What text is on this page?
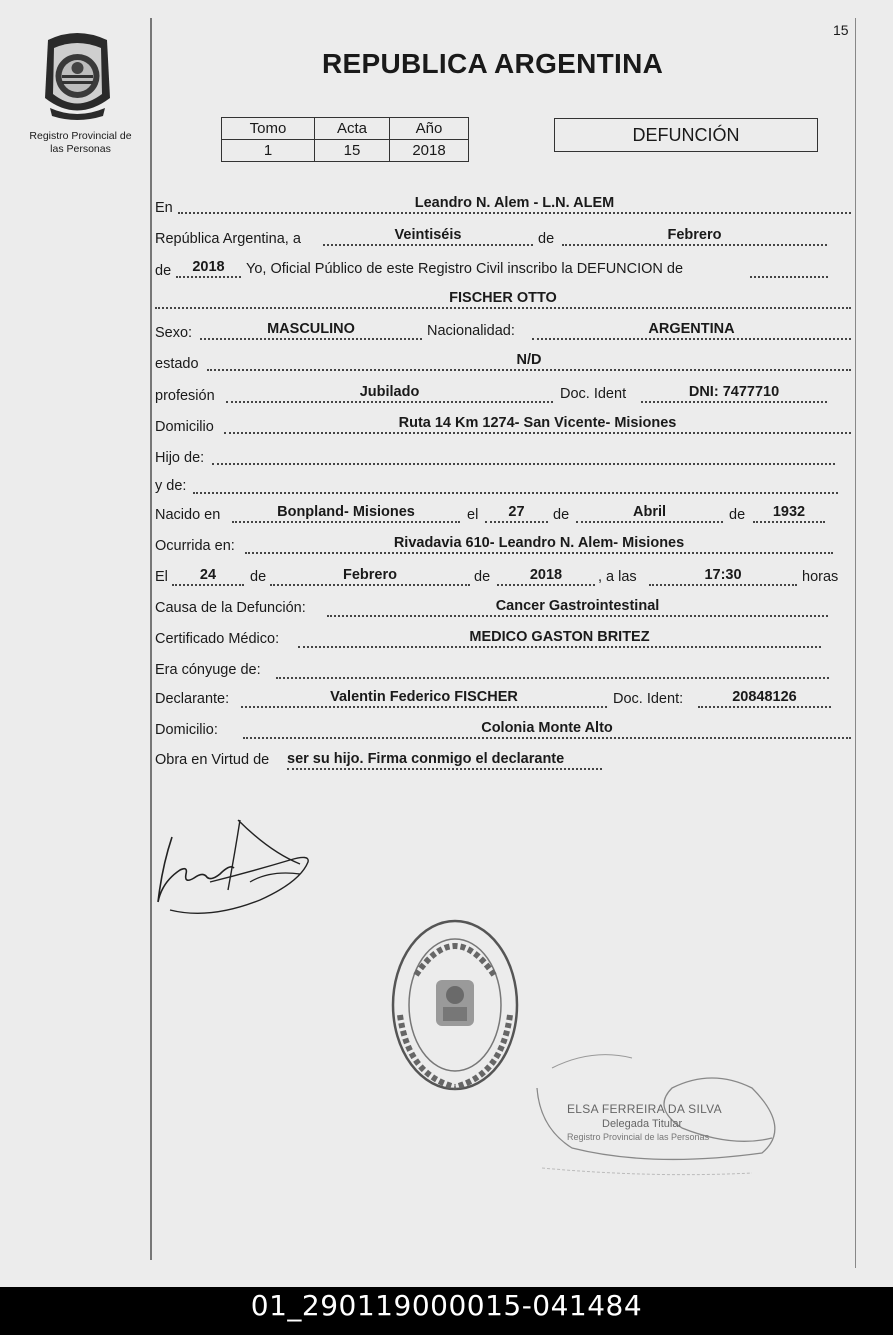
15
Registro Provincial de
las Personas
REPUBLICA ARGENTINA
Tomo	Acta	Año
1	15	2018
DEFUNCIÓN
En	Leandro N. Alem - L.N. ALEM
República Argentina, a	Veintiséis	de	Febrero
de	2018	Yo, Oficial Público de este Registro Civil inscribo la DEFUNCION de
FISCHER OTTO
Sexo:	MASCULINO	Nacionalidad:	ARGENTINA
estado	N/D
profesión	Jubilado	Doc. Ident	DNI: 7477710
Domicilio	Ruta 14 Km 1274- San Vicente- Misiones
Hijo de:
y de:
Nacido en	Bonpland- Misiones	el	27	de	Abril	de	1932
Ocurrida en:	Rivadavia 610- Leandro N. Alem- Misiones
El	24	de	Febrero	de	2018	, a las	17:30	horas
Causa de la Defunción:	Cancer Gastrointestinal
Certificado Médico:	MEDICO GASTON BRITEZ
Era cónyuge de:
Declarante:	Valentin Federico FISCHER	Doc. Ident:	20848126
Domicilio:	Colonia Monte Alto
Obra en Virtud de ser su hijo. Firma conmigo el declarante
ELSA FERREIRA DA SILVA
Delegada Titular
Registro Provincial de las Personas
01_290119000015-041484
